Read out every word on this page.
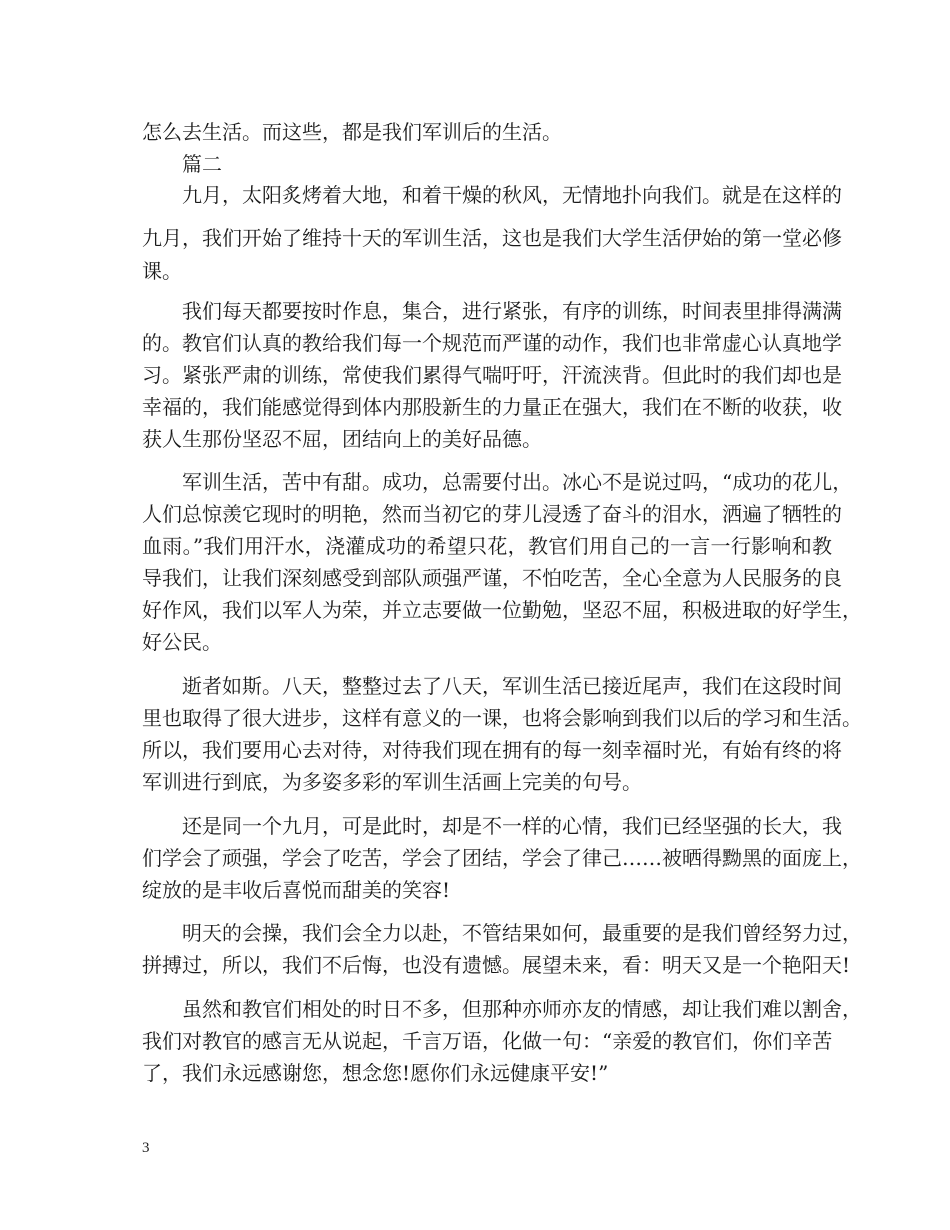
怎么去生活。而这些，都是我们军训后的生活。
篇二
九月，太阳炙烤着大地，和着干燥的秋风，无情地扑向我们。就是在这样的
九月，我们开始了维持十天的军训生活，这也是我们大学生活伊始的第一堂必修
课。
我们每天都要按时作息，集合，进行紧张，有序的训练，时间表里排得满满
的。教官们认真的教给我们每一个规范而严谨的动作，我们也非常虚心认真地学
习。紧张严肃的训练，常使我们累得气喘吁吁，汗流浃背。但此时的我们却也是
幸福的，我们能感觉得到体内那股新生的力量正在强大，我们在不断的收获，收
获人生那份坚忍不屈，团结向上的美好品德。
军训生活，苦中有甜。成功，总需要付出。冰心不是说过吗，“成功的花儿，
人们总惊羡它现时的明艳，然而当初它的芽儿浸透了奋斗的泪水，洒遍了牺牲的
血雨。”我们用汗水，浇灌成功的希望只花，教官们用自己的一言一行影响和教
导我们，让我们深刻感受到部队顽强严谨，不怕吃苦，全心全意为人民服务的良
好作风，我们以军人为荣，并立志要做一位勤勉，坚忍不屈，积极进取的好学生，
好公民。
逝者如斯。八天，整整过去了八天，军训生活已接近尾声，我们在这段时间
里也取得了很大进步，这样有意义的一课，也将会影响到我们以后的学习和生活。
所以，我们要用心去对待，对待我们现在拥有的每一刻幸福时光，有始有终的将
军训进行到底，为多姿多彩的军训生活画上完美的句号。
还是同一个九月，可是此时，却是不一样的心情，我们已经坚强的长大，我
们学会了顽强，学会了吃苦，学会了团结，学会了律己……被晒得黝黑的面庞上，
绽放的是丰收后喜悦而甜美的笑容!
明天的会操，我们会全力以赴，不管结果如何，最重要的是我们曾经努力过，
拼搏过，所以，我们不后悔，也没有遗憾。展望未来，看：明天又是一个艳阳天!
虽然和教官们相处的时日不多，但那种亦师亦友的情感，却让我们难以割舍，
我们对教官的感言无从说起，千言万语，化做一句：“亲爱的教官们，你们辛苦
了，我们永远感谢您，想念您!愿你们永远健康平安!”
3
